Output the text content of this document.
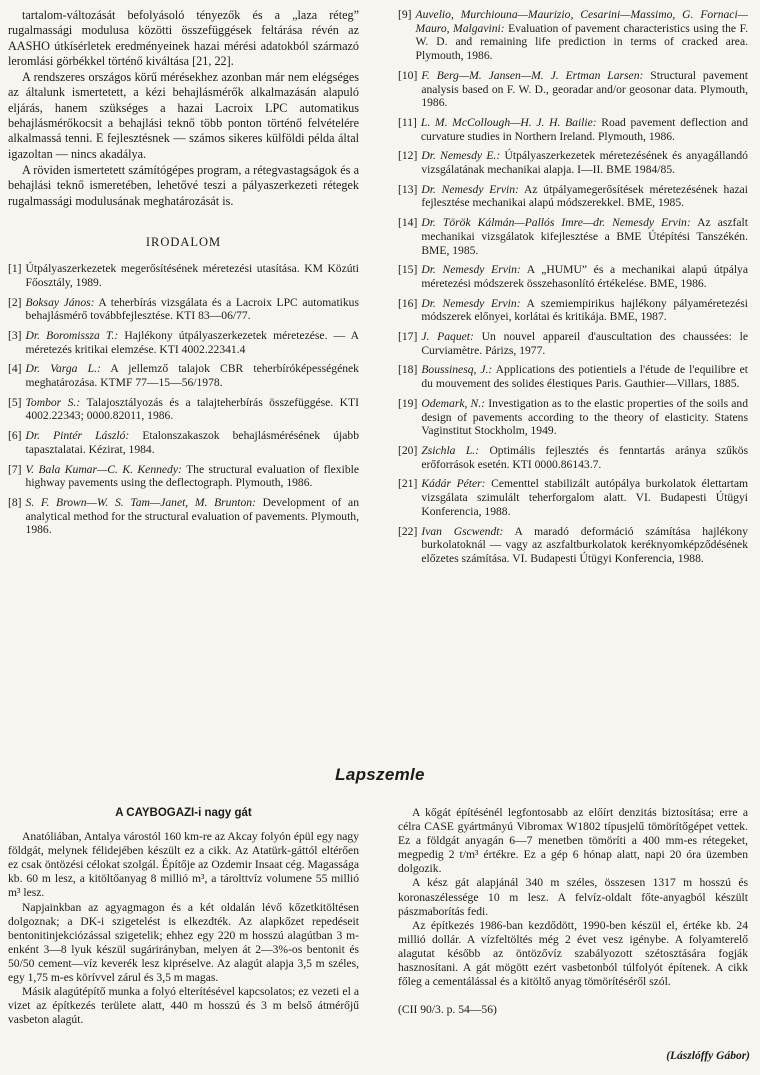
tartalom-változását befolyásoló tényezők és a „laza réteg” rugalmassági modulusa közötti összefüggések feltárása révén az AASHO útkísérletek eredményeinek hazai mérési adatokból származó leromlási görbékkel történő kiváltása [21, 22].

A rendszeres országos körű mérésekhez azonban már nem elégséges az általunk ismertetett, a kézi behajlásmérők alkalmazásán alapuló eljárás, hanem szükséges a hazai Lacroix LPC automatikus behajlásmérőkocsit a behajlási teknő több ponton történő felvételére alkalmassá tenni. E fejlesztésnek — számos sikeres külföldi példa által igazoltan — nincs akadálya.

A röviden ismertetett számítógépes program, a rétegvastagságok és a behajlási teknő ismeretében, lehetővé teszi a pályaszerkezeti rétegek rugalmassági modulusának meghatározását is.

IRODALOM
[1] Útpályaszerkezetek megerősítésének méretezési utasítása. KM Közúti Főosztály, 1989.
[2] Boksay János: A teherbírás vizsgálata és a Lacroix LPC automatikus behajlásmérő továbbfejlesztése. KTI 83—06/77.
[3] Dr. Boromissza T.: Hajlékony útpályaszerkezetek méretezése. — A méretezés kritikai elemzése. KTI 4002.22341.4
[4] Dr. Varga L.: A jellemző talajok CBR teherbíróképességének meghatározása. KTMF 77—15—56/1978.
[5] Tombor S.: Talajosztályozás és a talajteherbírás összefüggése. KTI 4002.22343; 0000.82011, 1986.
[6] Dr. Pintér László: Etalonszakaszok behajlásmérésének újabb tapasztalatai. Kézirat, 1984.
[7] V. Bala Kumar—C. K. Kennedy: The structural evaluation of flexible highway pavements using the deflectograph. Plymouth, 1986.
[8] S. F. Brown—W. S. Tam—Janet, M. Brunton: Development of an analytical method for the structural evaluation of pavements. Plymouth, 1986.
[9] Auvelio, Murchiouna—Maurizio, Cesarini—Massimo, G. Fornaci—Mauro, Malgavini: Evaluation of pavement characteristics using the F. W. D. and remaining life prediction in terms of cracked area. Plymouth, 1986.
[10] F. Berg—M. Jansen—M. J. Ertman Larsen: Structural pavement analysis based on F. W. D., georadar and/or geosonar data. Plymouth, 1986.
[11] L. M. McCollough—H. J. H. Bailie: Road pavement deflection and curvature studies in Northern Ireland. Plymouth, 1986.
[12] Dr. Nemesdy E.: Útpályaszerkezetek méretezésének és anyagállandó vizsgálatának mechanikai alapja. I—II. BME 1984/85.
[13] Dr. Nemesdy Ervin: Az útpályamegerősítések méretezésének hazai fejlesztése mechanikai alapú módszerekkel. BME, 1985.
[14] Dr. Török Kálmán—Pallós Imre—dr. Nemesdy Ervin: Az aszfalt mechanikai vizsgálatok kifejlesztése a BME Útépítési Tanszékén. BME, 1985.
[15] Dr. Nemesdy Ervin: A „HUMU” és a mechanikai alapú útpálya méretezési módszerek összehasonlító értékelése. BME, 1986.
[16] Dr. Nemesdy Ervin: A szemiempirikus hajlékony pályaméretezési módszerek előnyei, korlátai és kritikája. BME, 1987.
[17] J. Paquet: Un nouvel appareil d'auscultation des chaussées: le Curviamètre. Párizs, 1977.
[18] Boussinesq, J.: Applications des potientiels a l'étude de l'equilibre et du mouvement des solides élestiques Paris. Gauthier—Villars, 1885.
[19] Odemark, N.: Investigation as to the elastic properties of the soils and design of pavements according to the theory of elasticity. Statens Vaginstitut Stockholm, 1949.
[20] Zsichla L.: Optimális fejlesztés és fenntartás aránya szűkös erőforrások esetén. KTI 0000.86143.7.
[21] Kádár Péter: Cementtel stabilizált autópálya burkolatok élettartam vizsgálata szimulált teherforgalom alatt. VI. Budapesti Útügyi Konferencia, 1988.
[22] Ivan Gscwendt: A maradó deformáció számítása hajlékony burkolatoknál — vagy az aszfaltburkolatok keréknyomképződésének előzetes számítása. VI. Budapesti Útügyi Konferencia, 1988.
Lapszemle
A CAYBOGAZI-i nagy gát

Anatóliában, Antalya várostól 160 km-re az Akcay folyón épül egy nagy földgát, melynek félidejében készült ez a cikk. Az Atatürk-gáttól eltérően ez csak öntözési célokat szolgál. Építője az Ozdemir Insaat cég. Magassága kb. 60 m lesz, a kitöltőanyag 8 millió m³, a tárolttvíz volumene 55 millió m³ lesz.

Napjainkban az agyagmagon és a két oldalán lévő kőzetkitöltésen dolgoznak; a DK-i szigetelést is elkezdték. Az alapkőzet repedéseit bentonitinjekciózással szigetelik; ehhez egy 220 m hosszú alagútban 3 m-enként 3—8 lyuk készül sugárirányban, melyen át 2—3%-os bentonit és 50/50 cement—víz keverék lesz kipréselve. Az alagút alapja 3,5 m széles, egy 1,75 m-es körívvel zárul és 3,5 m magas.

Másik alagútépítő munka a folyó elterítésével kapcsolatos; ez vezeti el a vizet az építkezés területe alatt, 440 m hosszú és 3 m belső átmérőjű vasbeton alagút.

A kőgát építésénél legfontosabb az előírt denzitás biztosítása; erre a célra CASE gyártmányú Vibromax W1802 típusjelű tömörítőgépet vettek. Ez a földgát anyagán 6—7 menetben tömöríti a 400 mm-es rétegeket, megpedig 2 t/m³ értékre. Ez a gép 6 hónap alatt, napi 20 óra üzemben dolgozik.

A kész gát alapjánál 340 m széles, összesen 1317 m hosszú és koronaszélessége 10 m lesz. A felvíz-oldalt főte-anyagból készült pászmaborítás fedi.

Az építkezés 1986-ban kezdődött, 1990-ben készül el, értéke kb. 24 millió dollár. A vízfeltöltés még 2 évet vesz igénybe. A folyamterelő alagutat később az öntözővíz szabályozott szétosztására fogják hasznosítani. A gát mögött ezért vasbetonból túlfolyót építenek. A cikk főleg a cementálással és a kitöltő anyag tömörítéséről szól.

(CII 90/3. p. 54—56)
(Lászlóffy Gábor)
